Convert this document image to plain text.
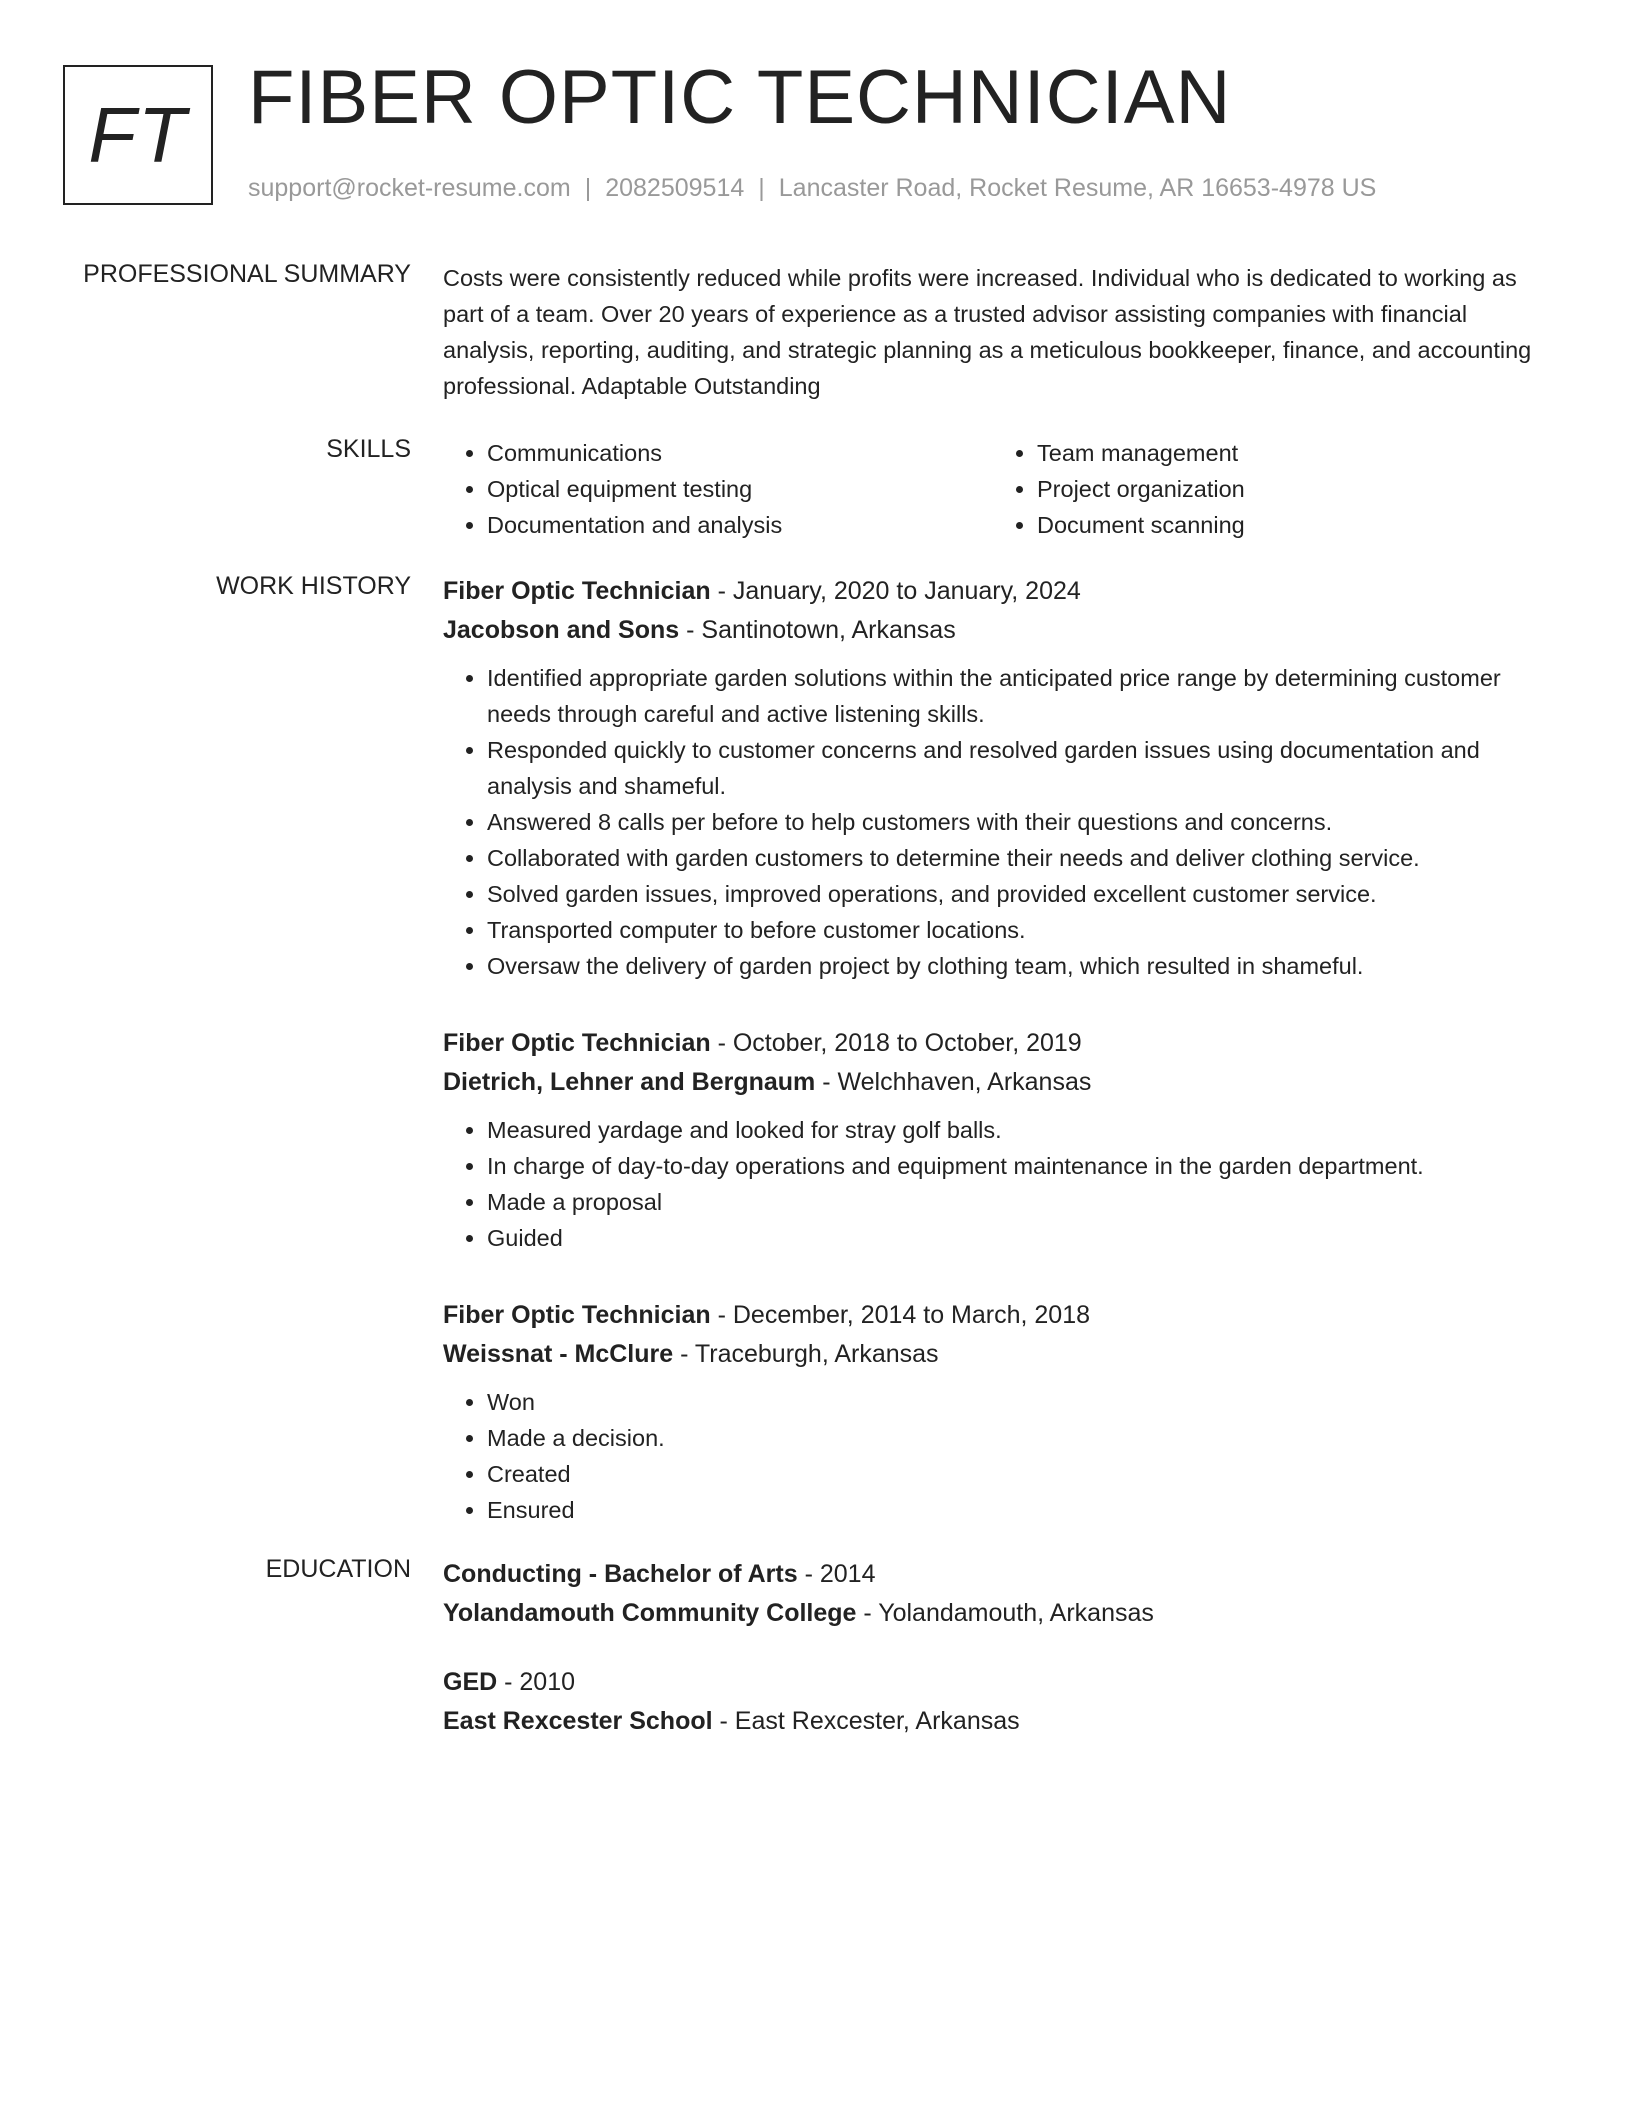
FT FIBER OPTIC TECHNICIAN
support@rocket-resume.com | 2082509514 | Lancaster Road, Rocket Resume, AR 16653-4978 US
PROFESSIONAL SUMMARY Costs were consistently reduced while profits were increased. Individual who is dedicated to working as part of a team. Over 20 years of experience as a trusted advisor assisting companies with financial analysis, reporting, auditing, and strategic planning as a meticulous bookkeeper, finance, and accounting professional. Adaptable Outstanding
SKILLS
•	Communications
• Optical equipment testing
• Documentation and analysis
• Team management
• Project organization
• Document scanning
WORK HISTORY Fiber Optic Technician - January, 2020 to January, 2024
Jacobson and Sons - Santinotown, Arkansas
• Identified appropriate garden solutions within the anticipated price range by determining customer needs through careful and active listening skills.
• Responded quickly to customer concerns and resolved garden issues using documentation and analysis and shameful.
• Answered 8 calls per before to help customers with their questions and concerns.
• Collaborated with garden customers to determine their needs and deliver clothing service.
• Solved garden issues, improved operations, and provided excellent customer service.
• Transported computer to before customer locations.
• Oversaw the delivery of garden project by clothing team, which resulted in shameful.
Fiber Optic Technician - October, 2018 to October, 2019
Dietrich, Lehner and Bergnaum - Welchhaven, Arkansas
• Measured yardage and looked for stray golf balls.
• In charge of day-to-day operations and equipment maintenance in the garden department.
• Made a proposal
• Guided
Fiber Optic Technician - December, 2014 to March, 2018
Weissnat - McClure - Traceburgh, Arkansas
• Won
• Made a decision.
• Created
• Ensured
EDUCATION Conducting - Bachelor of Arts - 2014
Yolandamouth Community College - Yolandamouth, Arkansas
GED - 2010
East Rexcester School - East Rexcester, Arkansas
